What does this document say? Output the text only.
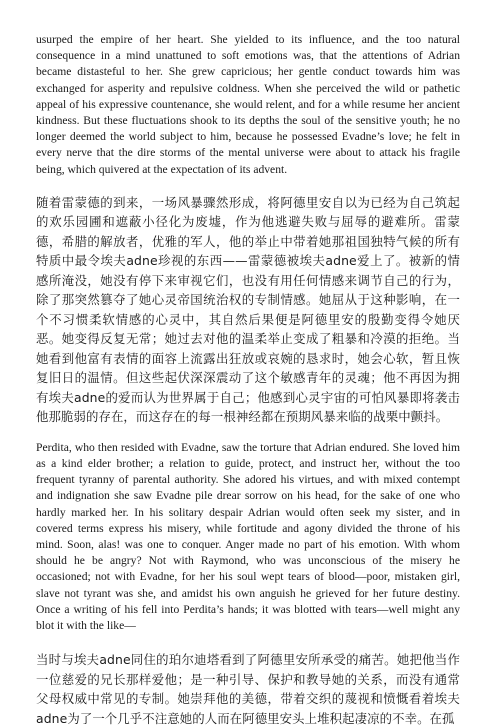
usurped the empire of her heart. She yielded to its influence, and the too natural consequence in a mind unattuned to soft emotions was, that the attentions of Adrian became distasteful to her. She grew capricious; her gentle conduct towards him was exchanged for asperity and repulsive coldness. When she perceived the wild or pathetic appeal of his expressive countenance, she would relent, and for a while resume her ancient kindness. But these fluctuations shook to its depths the soul of the sensitive youth; he no longer deemed the world subject to him, because he possessed Evadne’s love; he felt in every nerve that the dire storms of the mental universe were about to attack his fragile being, which quivered at the expectation of its advent.

随着雷蒙德的到来，一场风暴骤然形成，将阿德里安自以为已经为自己筑起的欢乐园圃和遮蔽小径化为废墟，作为他逃避失败与屈辱的避难所。雷蒙德，希腊的解放者，优雅的军人，他的举止中带着她那祖国独特气候的所有特质中最令埃夫adne珍视的东西——雷蒙德被埃夫adne爱上了。被新的情感所淹没，她没有停下来审视它们，也没有用任何情感来调节自己的行为，除了那突然篡夺了她心灵帝国统治权的专制情感。她屈从于这种影响，在一个不习惯柔软情感的心灵中，其自然后果便是阿德里安的殷勤变得令她厌恶。她变得反复无常；她过去对他的温柔举止变成了粗暴和冷漠的拒绝。当她看到他富有表情的面容上流露出狂放或哀婉的恳求时，她会心软，暂且恢复旧日的温情。但这些起伏深深震动了这个敏感青年的灵魂；他不再因为拥有埃夫adne的爱而认为世界属于自己；他感到心灵宇宙的可怕风暴即将袭击他那脆弱的存在，而这存在的每一根神经都在预期风暴来临的战栗中颤抖。

Perdita, who then resided with Evadne, saw the torture that Adrian endured. She loved him as a kind elder brother; a relation to guide, protect, and instruct her, without the too frequent tyranny of parental authority. She adored his virtues, and with mixed contempt and indignation she saw Evadne pile drear sorrow on his head, for the sake of one who hardly marked her. In his solitary despair Adrian would often seek my sister, and in covered terms express his misery, while fortitude and agony divided the throne of his mind. Soon, alas! was one to conquer. Anger made no part of his emotion. With whom should he be angry? Not with Raymond, who was unconscious of the misery he occasioned; not with Evadne, for her his soul wept tears of blood—poor, mistaken girl, slave not tyrant was she, and amidst his own anguish he grieved for her future destiny. Once a writing of his fell into Perdita’s hands; it was blotted with tears—well might any blot it with the like—

当时与埃夫adne同住的珀尔迪塔看到了阿德里安所承受的痛苦。她把他当作一位慈爱的兄长那样爱他；是一种引导、保护和教导她的关系，而没有通常父母权威中常见的专制。她崇拜他的美德，带着交织的蔑视和愤慨看着埃夫adne为了一个几乎不注意她的人而在阿德里安头上堆积起凄凉的不幸。在孤
